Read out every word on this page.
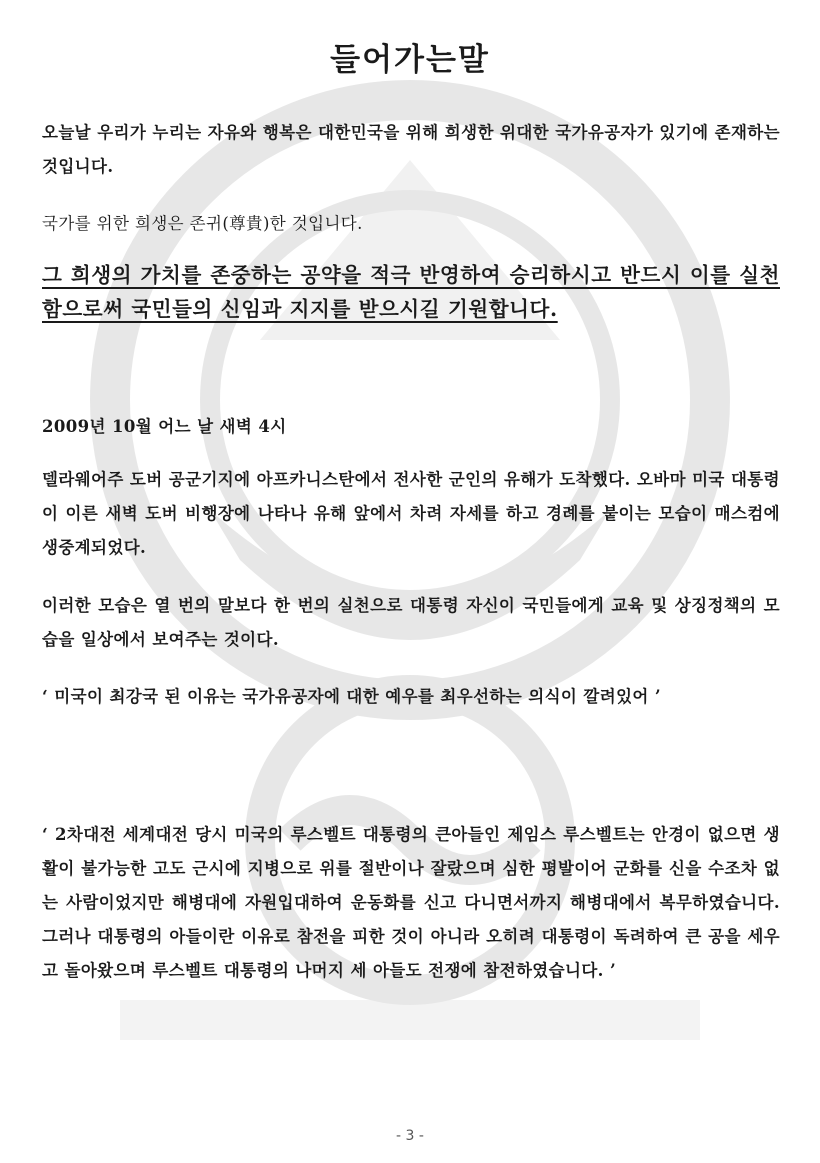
들어가는말

오늘날 우리가 누리는 자유와 행복은 대한민국을 위해 희생한 위대한 국가유공자가 있기에 존재하는것입니다.

국가를 위한 희생은 존귀(尊貴)한 것입니다.

그 희생의 가치를 존중하는 공약을 적극 반영하여 승리하시고 반드시 이를 실천함으로써 국민들의 신임과 지지를 받으시길 기원합니다.

2009년 10월 어느 날 새벽 4시

델라웨어주 도버 공군기지에 아프카니스탄에서 전사한 군인의 유해가 도착했다. 오바마 미국 대통령이 이른 새벽 도버 비행장에 나타나 유해 앞에서 차려 자세를 하고 경례를 붙이는 모습이 매스컴에 생중계되었다.

이러한 모습은 열 번의 말보다 한 번의 실천으로 대통령 자신이 국민들에게 교육 및 상징정책의 모습을 일상에서 보여주는 것이다.

‘ 미국이 최강국 된 이유는 국가유공자에 대한 예우를 최우선하는 의식이 깔려있어 ’

‘ 2차대전 세계대전 당시 미국의 루스벨트 대통령의 큰아들인 제임스 루스벨트는 안경이 없으면 생활이 불가능한 고도 근시에 지병으로 위를 절반이나 잘랐으며 심한 평발이어 군화를 신을 수조차 없는 사람이었지만 해병대에 자원입대하여 운동화를 신고 다니면서까지 해병대에서 복무하였습니다. 그러나 대통령의 아들이란 이유로 참전을 피한 것이 아니라 오히려 대통령이 독려하여 큰 공을 세우고 돌아왔으며 루스벨트 대통령의 나머지 세 아들도 전쟁에 참전하였습니다. ’

- 3 -
